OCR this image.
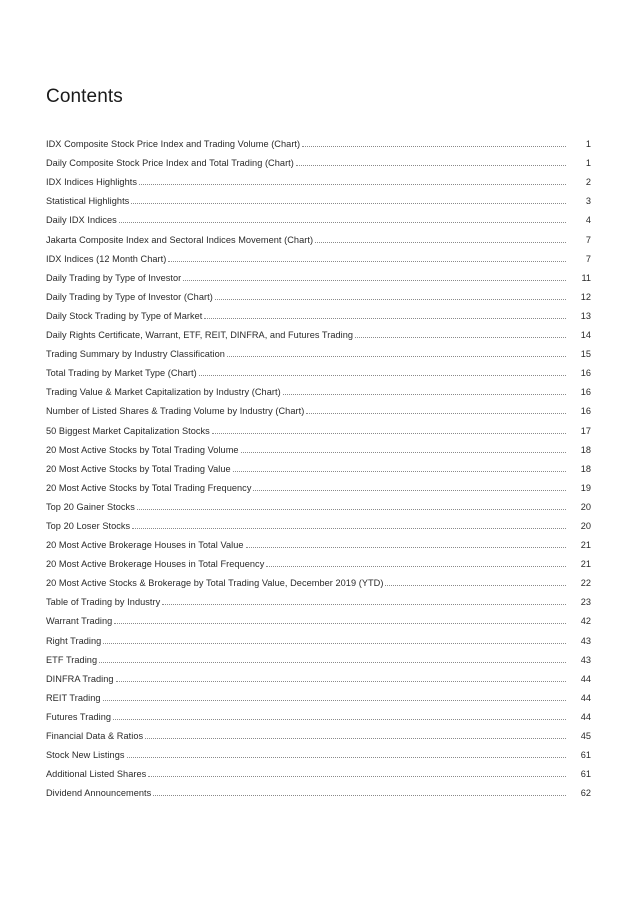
Contents
IDX Composite Stock Price Index and Trading Volume (Chart)	1
Daily Composite Stock Price Index and Total Trading (Chart)	1
IDX Indices Highlights	2
Statistical Highlights	3
Daily IDX Indices	4
Jakarta Composite Index and Sectoral Indices Movement (Chart)	7
IDX Indices (12 Month Chart)	7
Daily Trading by Type of Investor	11
Daily Trading by Type of Investor (Chart)	12
Daily Stock Trading by Type of Market	13
Daily Rights Certificate, Warrant, ETF, REIT, DINFRA, and Futures Trading	14
Trading Summary by Industry Classification	15
Total Trading by Market Type (Chart)	16
Trading Value & Market Capitalization by Industry (Chart)	16
Number of Listed Shares & Trading Volume by Industry (Chart)	16
50 Biggest Market Capitalization Stocks	17
20 Most Active Stocks by Total Trading Volume	18
20 Most Active Stocks by Total Trading Value	18
20 Most Active Stocks by Total Trading Frequency	19
Top 20 Gainer Stocks	20
Top 20 Loser Stocks	20
20 Most Active Brokerage Houses in Total Value	21
20 Most Active Brokerage Houses in Total Frequency	21
20 Most Active Stocks & Brokerage by Total Trading Value, December 2019 (YTD)	22
Table of Trading by Industry	23
Warrant Trading	42
Right Trading	43
ETF Trading	43
DINFRA Trading	44
REIT Trading	44
Futures Trading	44
Financial Data & Ratios	45
Stock New Listings	61
Additional Listed Shares	61
Dividend Announcements	62
